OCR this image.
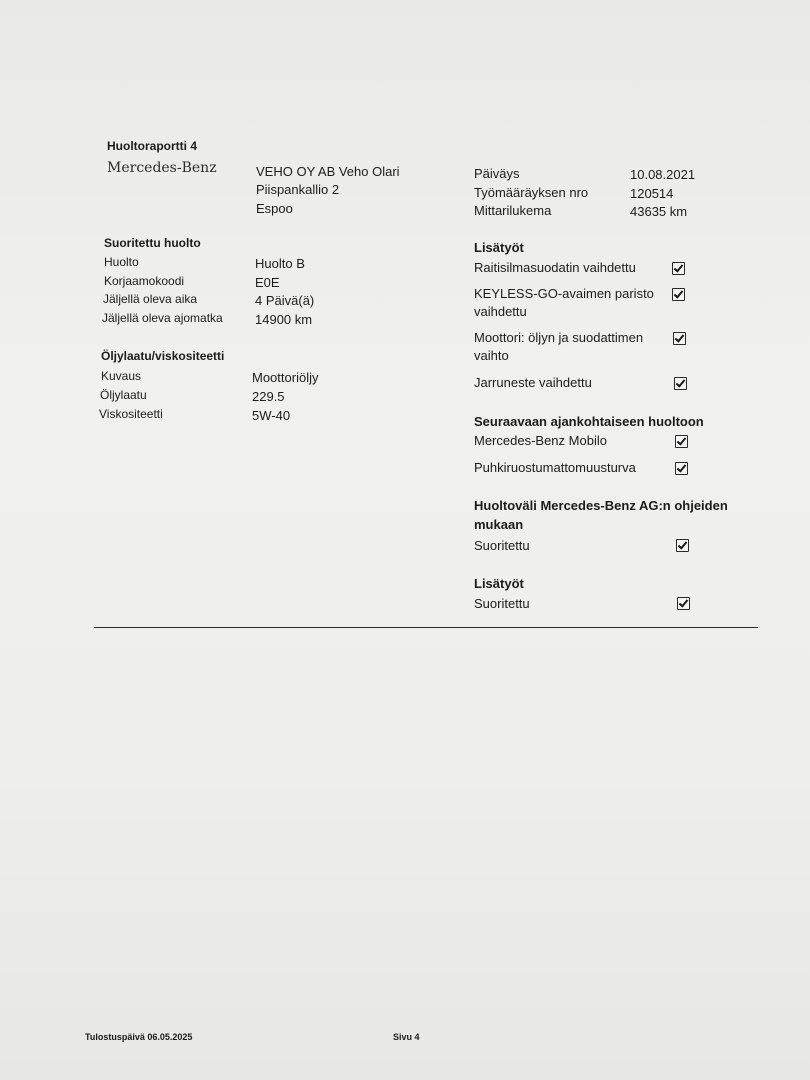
Huoltoraportti 4
Mercedes-Benz	VEHO OY AB Veho Olari
Piispankallio 2
Espoo
Päiväys	10.08.2021
Työmääräyksen nro	120514
Mittarilukema	43635 km
Suoritettu huolto
Huolto	Huolto B
Korjaamokoodi	E0E
Jäljellä oleva aika	4 Päivä(ä)
Jäljellä oleva ajomatka 14900 km
Öljylaatu/viskositeetti
Kuvaus	Moottoriöljy
Öljylaatu	229.5
Viskositeetti	5W-40
Lisätyöt
Raitisilmasuodatin vaihdettu
KEYLESS-GO-avaimen paristo
vaihdettu
Moottori: öljyn ja suodattimen
vaihto
Jarruneste vaihdettu
Seuraavaan ajankohtaiseen huoltoon
Mercedes-Benz Mobilo
Puhkiruostumattomuusturva
Huoltoväli Mercedes-Benz AG:n ohjeiden
mukaan
Suoritettu
Lisätyöt
Suoritettu
Tulostuspäivä 06.05.2025	Sivu 4
